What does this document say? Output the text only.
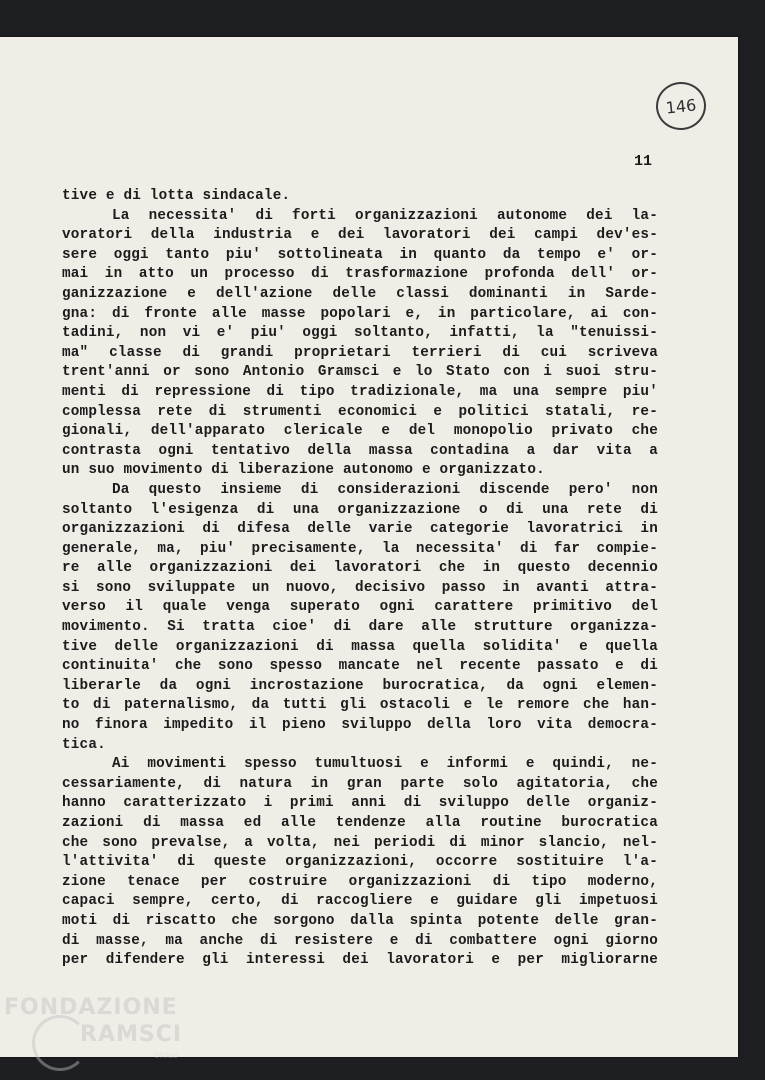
146
11
tive e di lotta sindacale.
La necessita' di forti organizzazioni autonome dei la-
voratori della industria e dei lavoratori dei campi dev'es-
sere oggi tanto piu' sottolineata in quanto da tempo e' or-
mai in atto un processo di trasformazione profonda dell' or-
ganizzazione e dell'azione delle classi dominanti in Sarde-
gna: di fronte alle masse popolari e, in particolare, ai con-
tadini, non vi e' piu' oggi soltanto, infatti, la "tenuissi-
ma" classe di grandi proprietari terrieri di cui scriveva
trent'anni or sono Antonio Gramsci e lo Stato con i suoi stru-
menti di repressione di tipo tradizionale, ma una sempre piu'
complessa rete di strumenti economici e politici statali, re-
gionali, dell'apparato clericale e del monopolio privato che
contrasta ogni tentativo della massa contadina a dar vita a
un suo movimento di liberazione autonomo e organizzato.
Da questo insieme di considerazioni discende pero' non
soltanto l'esigenza di una organizzazione o di una rete di
organizzazioni di difesa delle varie categorie lavoratrici in
generale, ma, piu' precisamente, la necessita' di far compie-
re alle organizzazioni dei lavoratori che in questo decennio
si sono sviluppate un nuovo, decisivo passo in avanti attra-
verso il quale venga superato ogni carattere primitivo del
movimento. Si tratta cioe' di dare alle strutture organizza-
tive delle organizzazioni di massa quella solidita' e quella
continuita' che sono spesso mancate nel recente passato e di
liberarle da ogni incrostazione burocratica, da ogni elemen-
to di paternalismo, da tutti gli ostacoli e le remore che han-
no finora impedito il pieno sviluppo della loro vita democra-
tica.
Ai movimenti spesso tumultuosi e informi e quindi, ne-
cessariamente, di natura in gran parte solo agitatoria, che
hanno caratterizzato i primi anni di sviluppo delle organiz-
zazioni di massa ed alle tendenze alla routine burocratica
che sono prevalse, a volta, nei periodi di minor slancio, nel-
l'attivita' di queste organizzazioni, occorre sostituire l'a-
zione tenace per costruire organizzazioni di tipo moderno,
capaci sempre, certo, di raccogliere e guidare gli impetuosi
moti di riscatto che sorgono dalla spinta potente delle gran-
di masse, ma anche di resistere e di combattere ogni giorno
per difendere gli interessi dei lavoratori e per migliorarne
FONDAZIONE
RAMSCI
onlus
